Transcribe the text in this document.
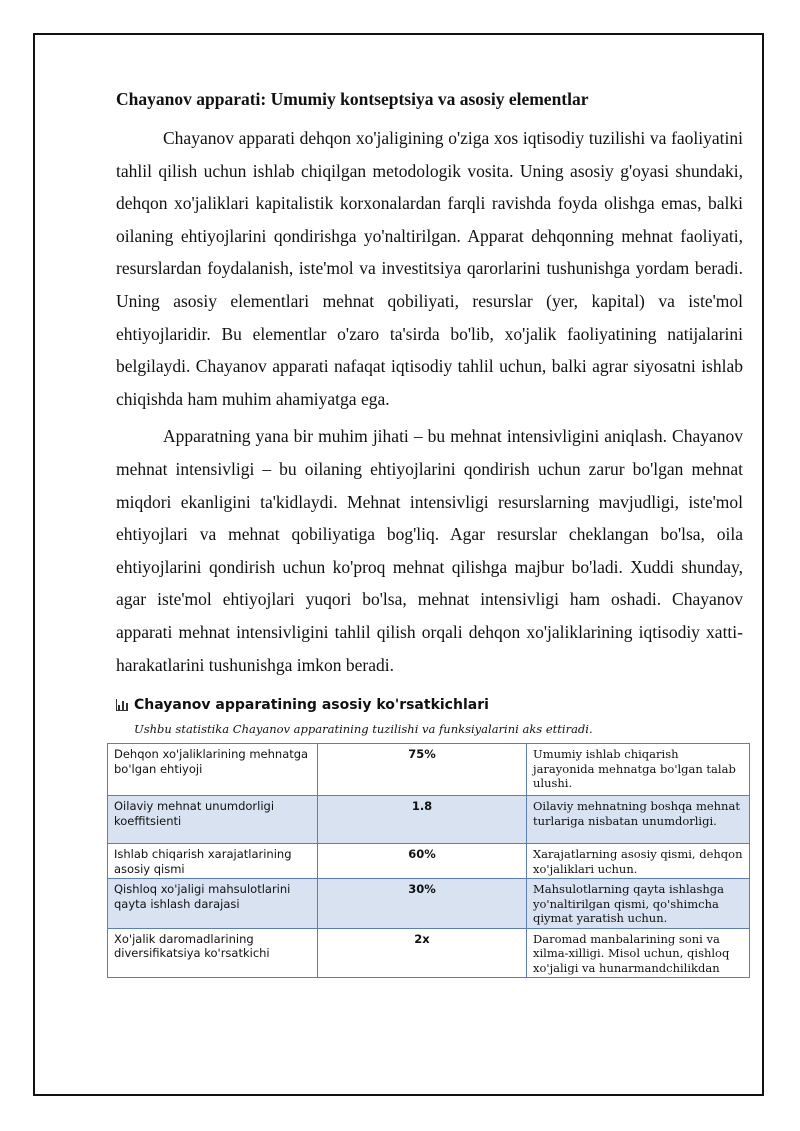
Chayanov apparati: Umumiy kontseptsiya va asosiy elementlar

Chayanov apparati dehqon xo'jaligining o'ziga xos iqtisodiy tuzilishi va faoliyatini tahlil qilish uchun ishlab chiqilgan metodologik vosita. Uning asosiy g'oyasi shundaki, dehqon xo'jaliklari kapitalistik korxonalardan farqli ravishda foyda olishga emas, balki oilaning ehtiyojlarini qondirishga yo'naltirilgan. Apparat dehqonning mehnat faoliyati, resurslardan foydalanish, iste'mol va investitsiya qarorlarini tushunishga yordam beradi. Uning asosiy elementlari mehnat qobiliyati, resurslar (yer, kapital) va iste'mol ehtiyojlaridir. Bu elementlar o'zaro ta'sirda bo'lib, xo'jalik faoliyatining natijalarini belgilaydi. Chayanov apparati nafaqat iqtisodiy tahlil uchun, balki agrar siyosatni ishlab chiqishda ham muhim ahamiyatga ega.

Apparatning yana bir muhim jihati – bu mehnat intensivligini aniqlash. Chayanov mehnat intensivligi – bu oilaning ehtiyojlarini qondirish uchun zarur bo'lgan mehnat miqdori ekanligini ta'kidlaydi. Mehnat intensivligi resurslarning mavjudligi, iste'mol ehtiyojlari va mehnat qobiliyatiga bog'liq. Agar resurslar cheklangan bo'lsa, oila ehtiyojlarini qondirish uchun ko'proq mehnat qilishga majbur bo'ladi. Xuddi shunday, agar iste'mol ehtiyojlari yuqori bo'lsa, mehnat intensivligi ham oshadi. Chayanov apparati mehnat intensivligini tahlil qilish orqali dehqon xo'jaliklarining iqtisodiy xatti-harakatlarini tushunishga imkon beradi.

Chayanov apparatining asosiy ko'rsatkichlari
Ushbu statistika Chayanov apparatining tuzilishi va funksiyalarini aks ettiradi.
Dehqon xo'jaliklarining mehnatga bo'lgan ehtiyoji	75%	Umumiy ishlab chiqarish jarayonida mehnatga bo'lgan talab ulushi.
Oilaviy mehnat unumdorligi koeffitsienti	1.8	Oilaviy mehnatning boshqa mehnat turlariga nisbatan unumdorligi.
Ishlab chiqarish xarajatlarining asosiy qismi	60%	Xarajatlarning asosiy qismi, dehqon xo'jaliklari uchun.
Qishloq xo'jaligi mahsulotlarini qayta ishlash darajasi	30%	Mahsulotlarning qayta ishlashga yo'naltirilgan qismi, qo'shimcha qiymat yaratish uchun.
Xo'jalik daromadlarining diversifikatsiya ko'rsatkichi	2x	Daromad manbalarining soni va xilma-xilligi. Misol uchun, qishloq xo'jaligi va hunarmandchilikdan
